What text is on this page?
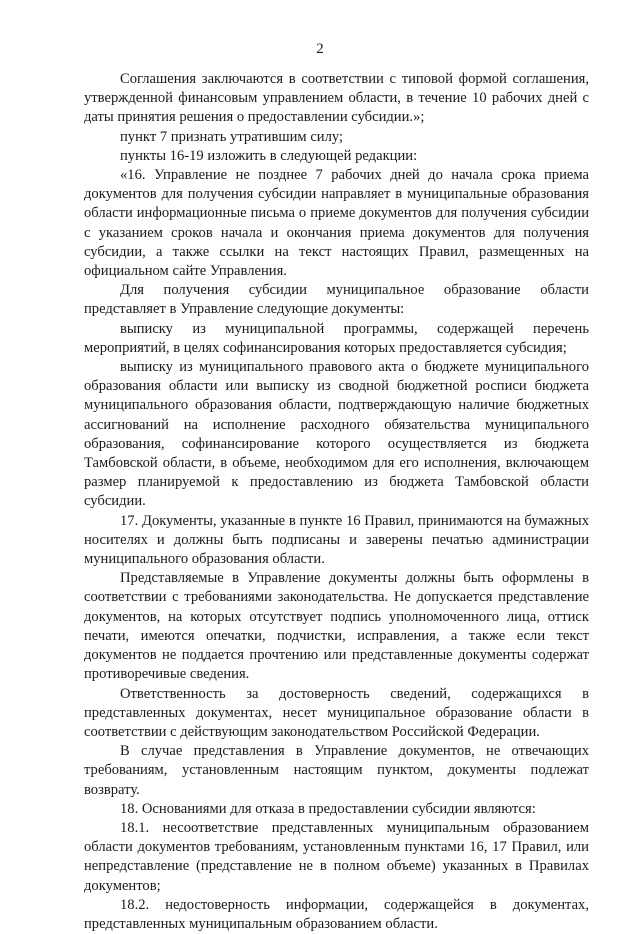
2

Соглашения заключаются в соответствии с типовой формой соглашения, утвержденной финансовым управлением области, в течение 10 рабочих дней с даты принятия решения о предоставлении субсидии.»;

пункт 7 признать утратившим силу;

пункты 16-19 изложить в следующей редакции:

«16. Управление не позднее 7 рабочих дней до начала срока приема документов для получения субсидии направляет в муниципальные образования области информационные письма о приеме документов для получения субсидии с указанием сроков начала и окончания приема документов для получения субсидии, а также ссылки на текст настоящих Правил, размещенных на официальном сайте Управления.

Для получения субсидии муниципальное образование области представляет в Управление следующие документы:

выписку из муниципальной программы, содержащей перечень мероприятий, в целях софинансирования которых предоставляется субсидия;

выписку из муниципального правового акта о бюджете муниципального образования области или выписку из сводной бюджетной росписи бюджета муниципального образования области, подтверждающую наличие бюджетных ассигнований на исполнение расходного обязательства муниципального образования, софинансирование которого осуществляется из бюджета Тамбовской области, в объеме, необходимом для его исполнения, включающем размер планируемой к предоставлению из бюджета Тамбовской области субсидии.

17. Документы, указанные в пункте 16 Правил, принимаются на бумажных носителях и должны быть подписаны и заверены печатью администрации муниципального образования области.

Представляемые в Управление документы должны быть оформлены в соответствии с требованиями законодательства. Не допускается представление документов, на которых отсутствует подпись уполномоченного лица, оттиск печати, имеются опечатки, подчистки, исправления, а также если текст документов не поддается прочтению или представленные документы содержат противоречивые сведения.

Ответственность за достоверность сведений, содержащихся в представленных документах, несет муниципальное образование области в соответствии с действующим законодательством Российской Федерации.

В случае представления в Управление документов, не отвечающих требованиям, установленным настоящим пунктом, документы подлежат возврату.

18. Основаниями для отказа в предоставлении субсидии являются:

18.1. несоответствие представленных муниципальным образованием области документов требованиям, установленным пунктами 16, 17 Правил, или непредставление (представление не в полном объеме) указанных в Правилах документов;

18.2. недостоверность информации, содержащейся в документах, представленных муниципальным образованием области.
